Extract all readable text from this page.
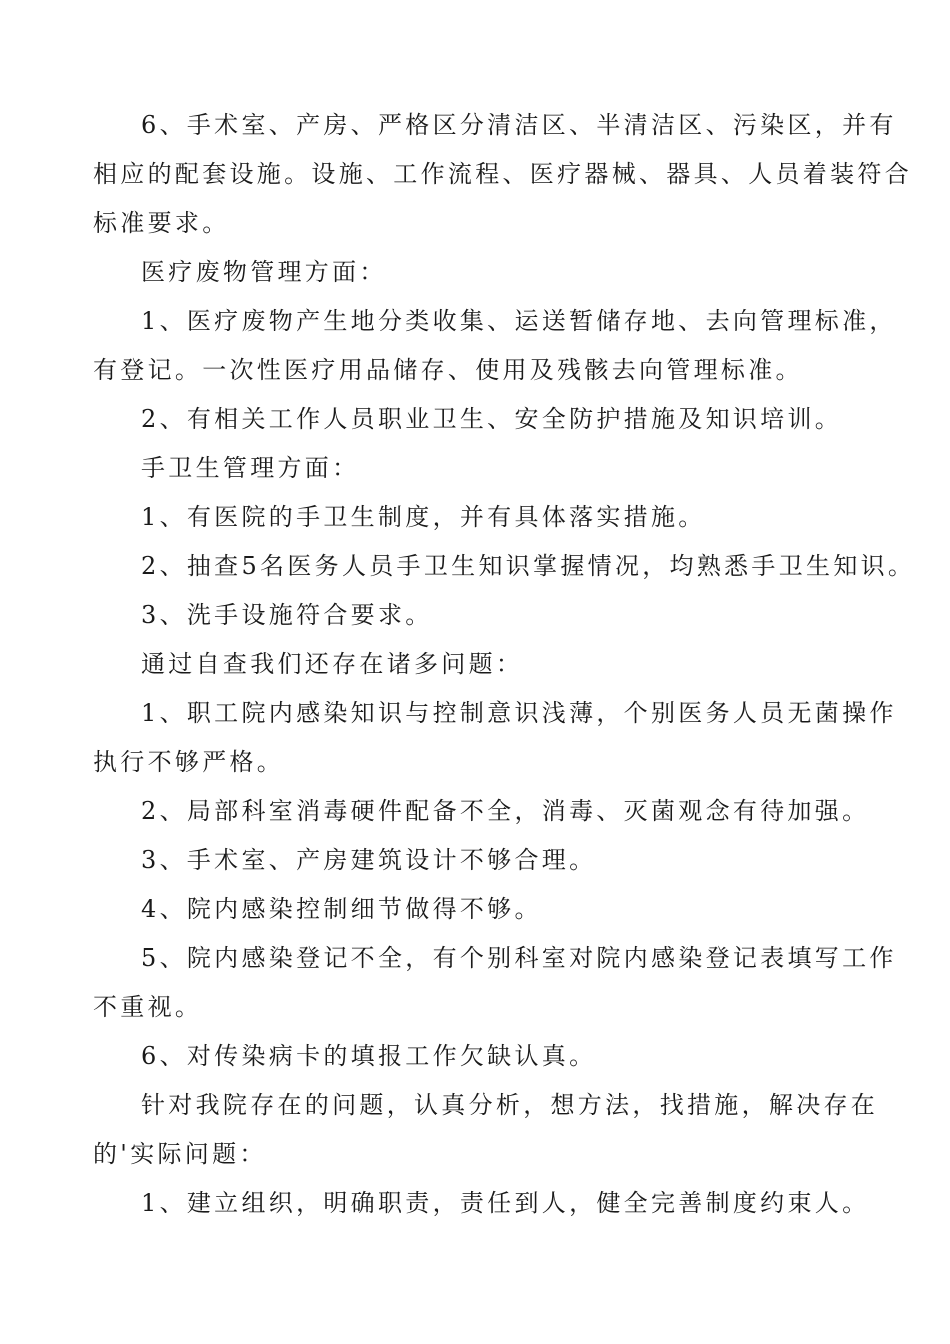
6、手术室、产房、严格区分清洁区、半清洁区、污染区，并有
相应的配套设施。设施、工作流程、医疗器械、器具、人员着装符合
标准要求。
医疗废物管理方面：
1、医疗废物产生地分类收集、运送暂储存地、去向管理标准，
有登记。一次性医疗用品储存、使用及残骸去向管理标准。
2、有相关工作人员职业卫生、安全防护措施及知识培训。
手卫生管理方面：
1、有医院的手卫生制度，并有具体落实措施。
2、抽查5名医务人员手卫生知识掌握情况，均熟悉手卫生知识。
3、洗手设施符合要求。
通过自查我们还存在诸多问题：
1、职工院内感染知识与控制意识浅薄，个别医务人员无菌操作
执行不够严格。
2、局部科室消毒硬件配备不全，消毒、灭菌观念有待加强。
3、手术室、产房建筑设计不够合理。
4、院内感染控制细节做得不够。
5、院内感染登记不全，有个别科室对院内感染登记表填写工作
不重视。
6、对传染病卡的填报工作欠缺认真。
针对我院存在的问题，认真分析，想方法，找措施，解决存在
的'实际问题：
1、建立组织，明确职责，责任到人，健全完善制度约束人。
